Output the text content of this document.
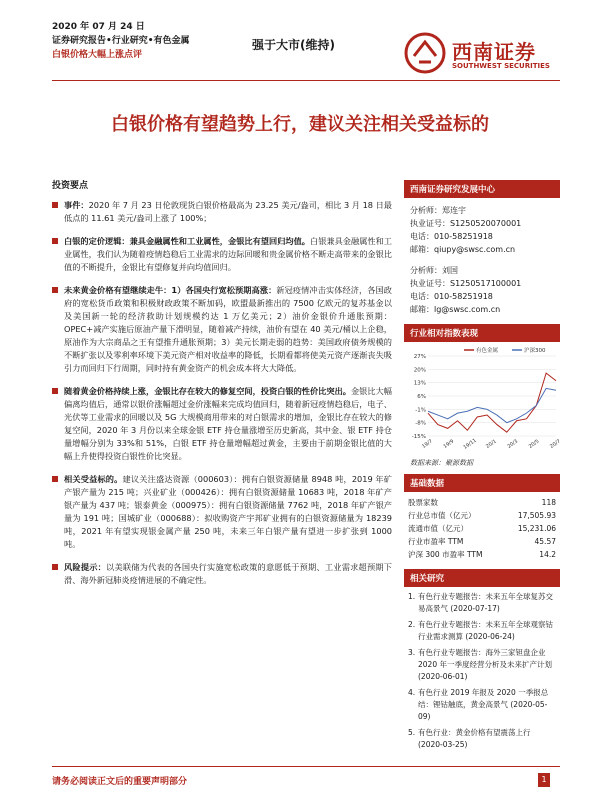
2020 年 07 月 24 日
证券研究报告•行业研究•有色金属
白银价格大幅上涨点评
强于大市(维持)	西南证券
SOUTHWEST SECURITIES
白银价格有望趋势上行，建议关注相关受益标的
投资要点
事件：2020 年 7 月 23 日伦敦现货白银价格最高为 23.25 美元/盎司，相比 3 月 18 日最低点的 11.61 美元/盎司上涨了 100%；
白银的定价逻辑：兼具金融属性和工业属性，金银比有望回归均值。白银兼具金融属性和工业属性，我们认为随着疫情趋稳后工业需求的边际回暖和贵金属价格不断走高带来的金银比值的不断提升，金银比有望修复并向均值回归。
未来黄金价格有望继续走牛：1）各国央行宽松预期高涨：新冠疫情冲击实体经济，各国政府的宽松货币政策和积极财政政策不断加码，欧盟最新推出的 7500 亿欧元的复苏基金以及美国新一轮的经济救助计划规模约达 1 万亿美元；2）油价金银价升通胀预期：OPEC+减产实施后原油产量下滑明显，随着减产持续，油价有望在 40 美元/桶以上企稳，原油作为大宗商品之王有望推升通胀预期；3）美元长期走弱的趋势：美国政府债务规模的不断扩张以及零利率环境下美元资产相对收益率的降低，长期看都将使美元资产逐渐丧失吸引力而回归下行周期，同时持有黄金资产的机会成本将大大降低。
随着黄金价格持续上涨，金银比存在较大的修复空间，投资白银的性价比突出。金银比大幅偏离均值后，通常以银价涨幅超过金价涨幅来完成均值回归，随着新冠疫情趋稳后，电子、光伏等工业需求的回暖以及 5G 大规模商用带来的对白银需求的增加，金银比存在较大的修复空间，2020 年 3 月份以来全球金银 ETF 持仓量涨增至历史新高，其中金、银 ETF 持仓量增幅分别为 33%和 51%，白银 ETF 持仓量增幅超过黄金，主要由于前期金银比值的大幅上升使得投资白银性价比突显。
相关受益标的。建议关注盛达资源（000603）：拥有白银资源储量 8948 吨，2019 年矿产银产量为 215 吨；兴业矿业（000426）：拥有白银资源储量 10683 吨，2018 年矿产银产量为 437 吨；银泰黄金（000975）：拥有白银资源储量 7762 吨，2018 年矿产银产量为 191 吨；国城矿业（000688）：拟收购资产宇邦矿业拥有的白银资源储量为 18239 吨，2021 年有望实现银金属产量 250 吨，未来三年白银产量有望进一步扩张到 1000 吨。
风险提示：以美联储为代表的各国央行实施宽松政策的意愿低于预期、工业需求超预期下滑、海外新冠肺炎疫情进展的不确定性。
西南证券研究发展中心
分析师：郑连宇
执业证号：S1250520070001
电话：010-58251918
邮箱：qiupy@swsc.com.cn
分析师：刘国
执业证号：S1250517100001
电话：010-58251918
邮箱：lg@swsc.com.cn
行业相对指数表现
-15%
-8%
-1%
6%
13%
20%
27%
19/7 19/9 19/11 20/1 20/3 20/5 20/7
有色金属	沪深300
数据来源：聚源数据
基础数据
股票家数	118
行业总市值（亿元）	17,505.93
流通市值（亿元）	15,231.06
行业市盈率 TTM	45.57
沪深 300 市盈率 TTM	14.2
相关研究
1. 有色行业专题报告：未来五年全球复苏交易高景气 (2020-07-17)
2. 有色行业专题报告：未来五年全球观察钴行业需求测算 (2020-06-24)
3. 有色行业专题报告：海外三家钽盘企业 2020 年一季度经营分析及未来扩产计划 (2020-06-01)
4. 有色行业 2019 年报及 2020 一季报总结：锂钴触底，黄金高景气 (2020-05-09)
5. 有色行业：黄金价格有望震荡上行 (2020-03-25)
请务必阅读正文后的重要声明部分	1
